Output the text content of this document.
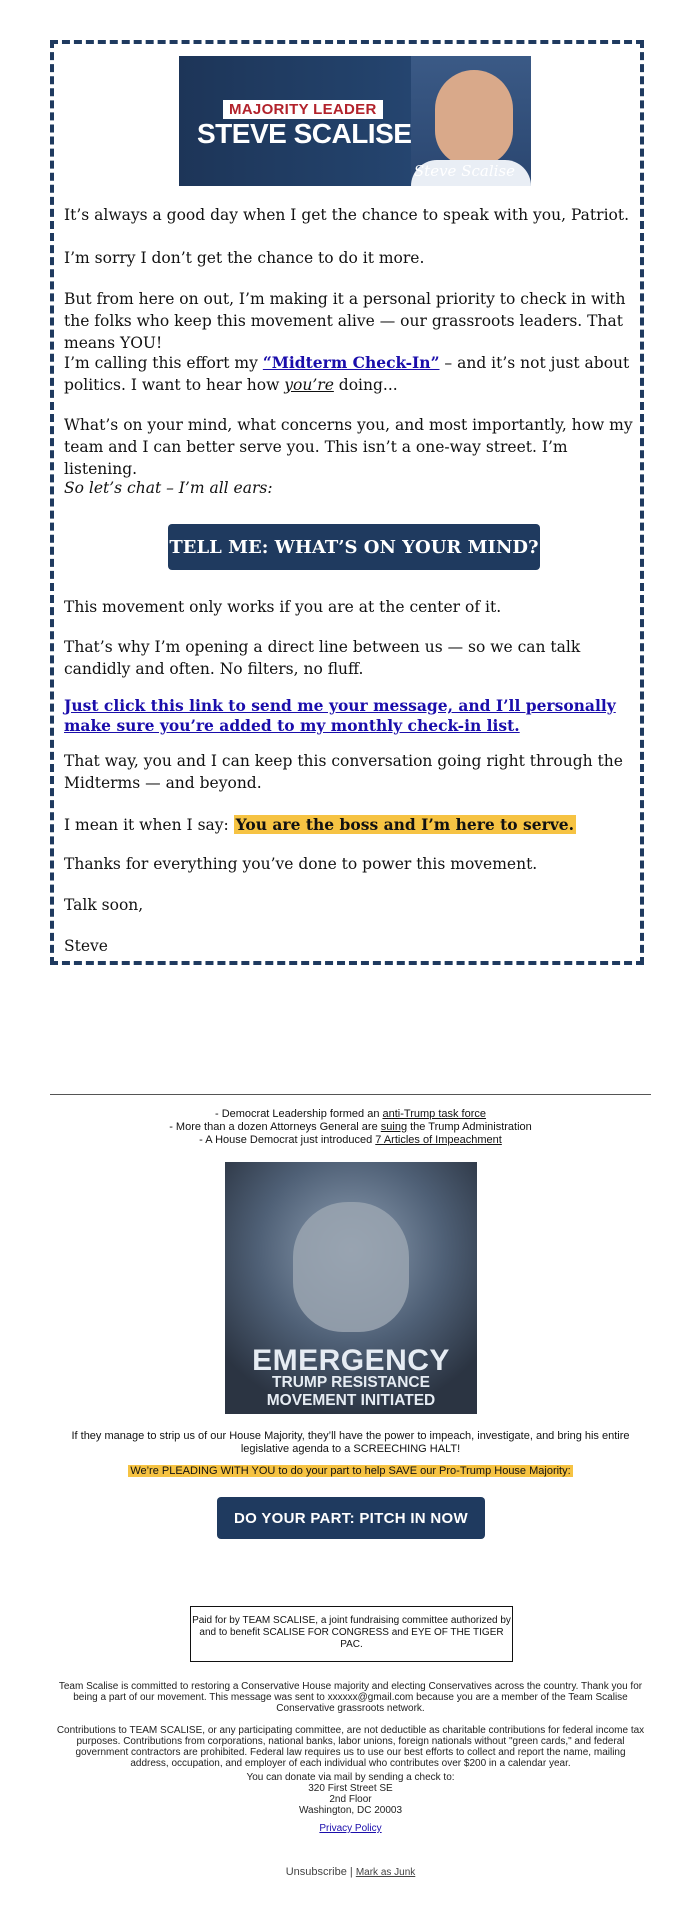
MAJORITY LEADER
STEVE SCALISE
Steve Scalise

It’s always a good day when I get the chance to speak with you, Patriot.

I’m sorry I don’t get the chance to do it more.

But from here on out, I’m making it a personal priority to check in with the folks who keep this movement alive — our grassroots leaders. That means YOU!

I’m calling this effort my “Midterm Check-In” – and it’s not just about politics. I want to hear how you’re doing...

What’s on your mind, what concerns you, and most importantly, how my team and I can better serve you. This isn’t a one-way street. I’m listening.

So let’s chat – I’m all ears:

TELL ME: WHAT’S ON YOUR MIND?

This movement only works if you are at the center of it.

That’s why I’m opening a direct line between us — so we can talk candidly and often. No filters, no fluff.

Just click this link to send me your message, and I’ll personally make sure you’re added to my monthly check-in list.

That way, you and I can keep this conversation going right through the Midterms — and beyond.

I mean it when I say: You are the boss and I’m here to serve.

Thanks for everything you’ve done to power this movement.

Talk soon,

Steve

- Democrat Leadership formed an anti-Trump task force
- More than a dozen Attorneys General are suing the Trump Administration
- A House Democrat just introduced 7 Articles of Impeachment
EMERGENCY
TRUMP RESISTANCE
MOVEMENT INITIATED
If they manage to strip us of our House Majority, they’ll have the power to impeach, investigate, and bring his entire legislative agenda to a SCREECHING HALT!
We’re PLEADING WITH YOU to do your part to help SAVE our Pro-Trump House Majority:
DO YOUR PART: PITCH IN NOW
Paid for by TEAM SCALISE, a joint fundraising committee authorized by and to benefit SCALISE FOR CONGRESS and EYE OF THE TIGER PAC.
Team Scalise is committed to restoring a Conservative House majority and electing Conservatives across the country. Thank you for being a part of our movement. This message was sent to xxxxxx@gmail.com because you are a member of the Team Scalise Conservative grassroots network.
Contributions to TEAM SCALISE, or any participating committee, are not deductible as charitable contributions for federal income tax purposes. Contributions from corporations, national banks, labor unions, foreign nationals without "green cards," and federal government contractors are prohibited. Federal law requires us to use our best efforts to collect and report the name, mailing address, occupation, and employer of each individual who contributes over $200 in a calendar year.
You can donate via mail by sending a check to:
320 First Street SE
2nd Floor
Washington, DC 20003
Privacy Policy
Unsubscribe | Mark as Junk
